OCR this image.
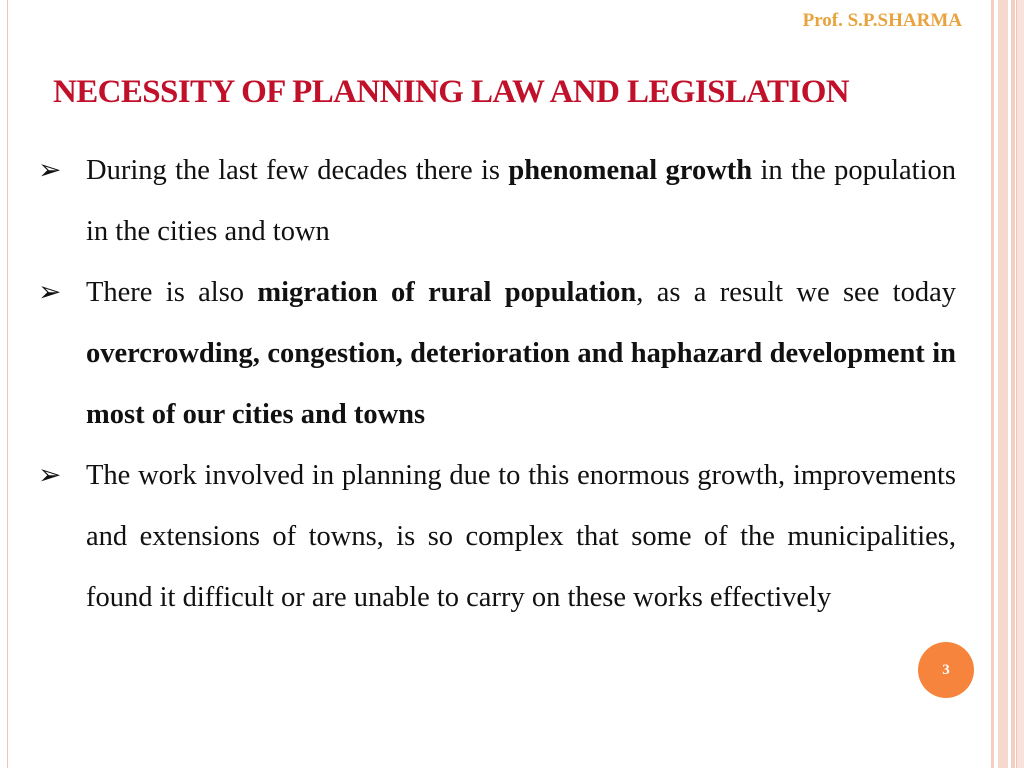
Prof. S.P.SHARMA
NECESSITY OF PLANNING LAW AND LEGISLATION

➢ During the last few decades there is phenomenal growth in the population in the cities and town

➢ There is also migration of rural population, as a result we see today overcrowding, congestion, deterioration and haphazard development in most of our cities and towns

➢ The work involved in planning due to this enormous growth, improvements and extensions of towns, is so complex that some of the municipalities, found it difficult or are unable to carry on these works effectively

3
